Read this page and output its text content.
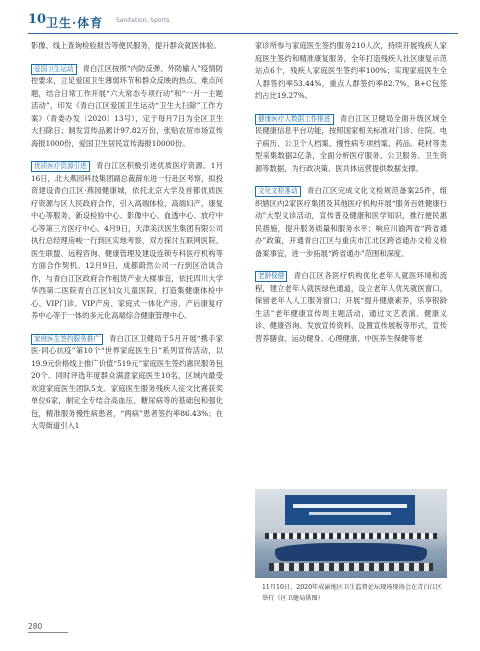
10 卫生·体育 Sanitation, Sports

影像、线上查询检验报告等便民服务，提升群众就医体验。

爱国卫生运动 青白江区按照“内防反弹、外防输入”疫情防控要求，立足爱国卫生薄弱环节和群众反映的热点、难点问题，结合日常工作开展“六大常态专项行动”和“一月一主题活动”，印发《青白江区爱国卫生运动“卫生大扫除”工作方案》（青委办发〔2020〕13号），定于每月7日为全区卫生大扫除日；制发宣传品累计97.82万份，张贴农贸市场宣传海报1000份，爱国卫生居民宣传海报10000份。

优质医疗资源引进 青白江区积极引进优质医疗资源。1月16日，北大燕园科技集团副总裁薛东进一行赴区考察，拟投资建设青白江区·燕园健康城，依托北京大学及首都优质医疗资源与区人民政府合作，引入高端体检、高端妇产、康复中心等服务，新设检验中心、影像中心、血透中心、放疗中心等第三方医疗中心。4月9日，天津美沃医生集团有限公司执行总经理房峻一行到区实地考察，双方探讨互联网医院、医生联盟、远程咨询、健康管理及建设连锁专科医疗机构等方面合作契机。12月9日，成都蔚然公司一行到区洽谈合作，与青白江区政府合作租赁产业大楼事宜，依托四川大学华西第二医院青白江区妇女儿童医院，打造集健康体检中心、VIP门诊、VIP产房、家庭式一体化产房、产后康复疗养中心等于一体的多元化高端综合健康管理中心。

家庭医生签约服务推广 青白江区卫健局于5月开展“携手家医·同心抗疫”第10个“世界家庭医生日”系列宣传活动，以19.9元价格线上推广价值“519元”家庭医生签约惠民服务包20个。同时评选年度群众满意家庭医生10名，区域内最受欢迎家庭医生团队5支。家庭医生服务残疾人征文比赛获奖单位6家，制定全专结合高血压、糖尿病等的基础包和强化包，精准服务慢性病患者，“两病”患者签约率86.43%；在大弯街道引入1

家诊所参与家庭医生签约服务210人次，持续开展残疾人家庭医生签约和精准康复服务，全年打造残疾人社区康复示范站点6个，残疾人家庭医生签约率100%；实现家庭医生全人群签约率53.44%，重点人群签约率82.7%，B+C包签约占比19.27%。

健康医疗大数据工作推进 青白江区卫健局全面升级区域全民健康信息平台功能，按照国家相关标准对门诊、住院、电子病历、公卫个人档案、慢性病专项档案、药品、耗材等类型采集数据2亿条，全面分析医疗服务、公卫服务、卫生资源等数据，为行政决策、医共体运营提供数据支撑。

文化文检准动 青白江区完成文化文检规范备案25件，组织辖区内2家医疗集团及其他医疗机构开展“服务百姓健康行动”大型义诊活动，宣传普及健康和医学知识，推行便民惠民措施，提升服务质量和服务水平；响应川渝两省“跨省通办”政策，开通青白江区与重庆市江北区跨省通办文检义检备案事宜，进一步拓展“跨省通办”范围和深度。

老龄保健 青白江区各医疗机构优化老年人就医环境和流程，建立老年人就医绿色通道，设立老年人优先就医窗口，保留老年人人工服务窗口；开展“提升健康素养，乐享银龄生活”老年健康宣传周主题活动，通过文艺表演、健康义诊、健康咨询、发放宣传资料、设置宣传展板等形式，宣传营养膳食、运动健身、心理健康、中医养生保健等老

11月10日，2020年成渝地区卫生监督论坛现场现场会在青白江区举行（区卫健局供图）
280
